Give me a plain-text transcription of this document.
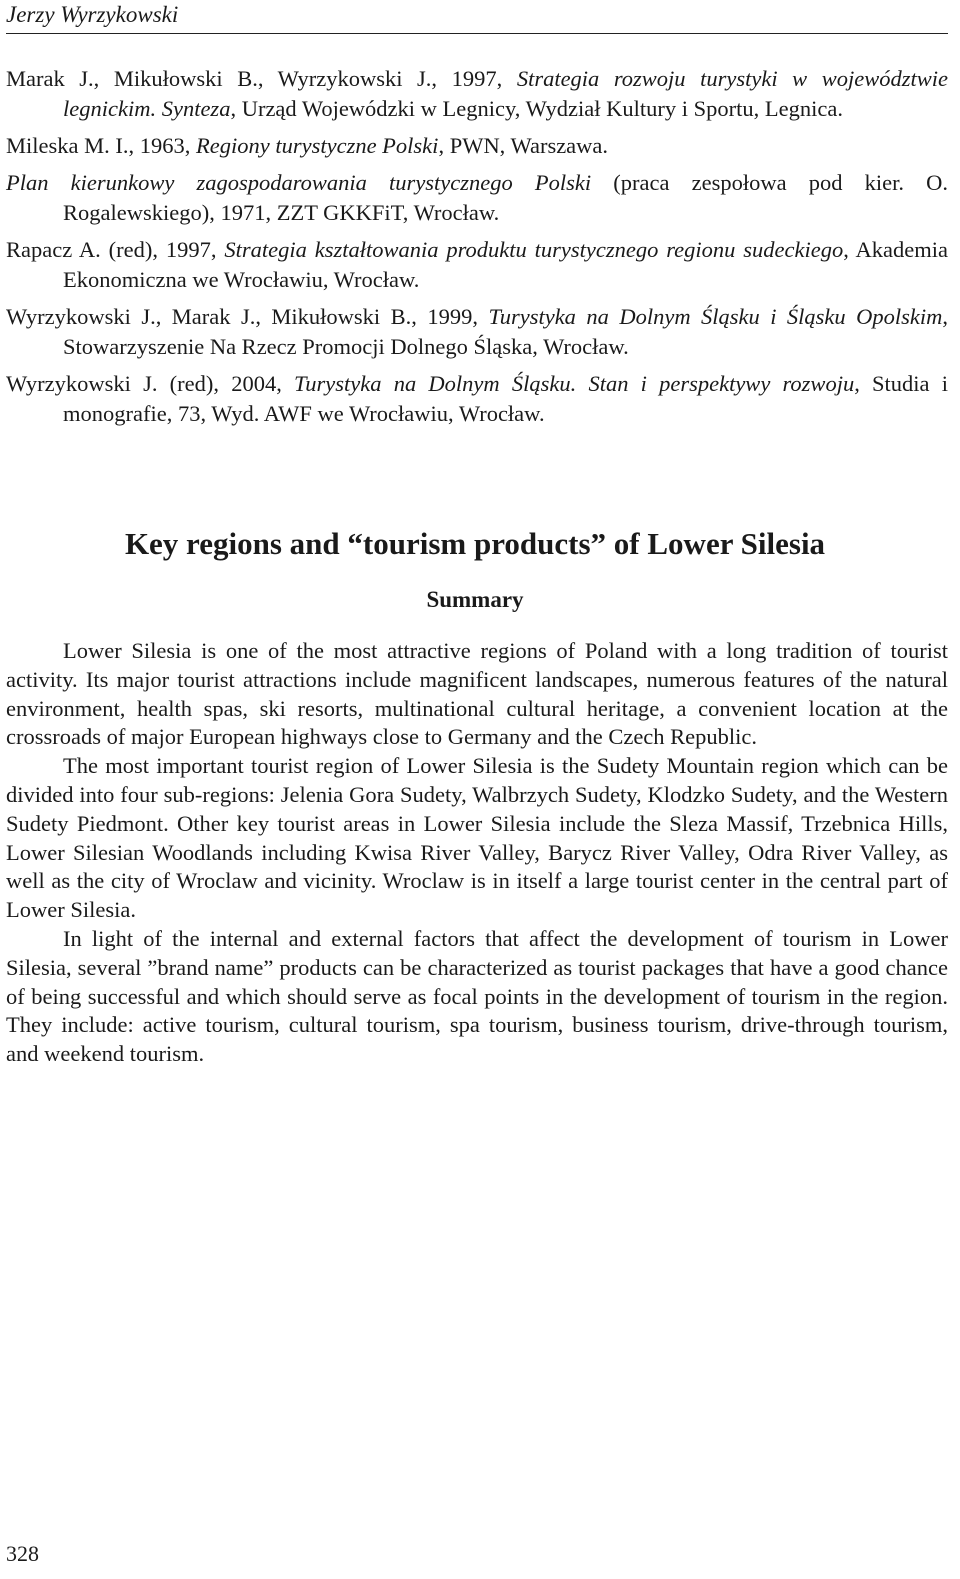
Jerzy Wyrzykowski

Marak J., Mikułowski B., Wyrzykowski J., 1997, Strategia rozwoju turystyki w województwie legnickim. Synteza, Urząd Wojewódzki w Legnicy, Wydział Kultury i Sportu, Legnica.

Mileska M. I., 1963, Regiony turystyczne Polski, PWN, Warszawa.

Plan kierunkowy zagospodarowania turystycznego Polski (praca zespołowa pod kier. O. Rogalewskiego), 1971, ZZT GKKFiT, Wrocław.

Rapacz A. (red), 1997, Strategia kształtowania produktu turystycznego regionu sudeckiego, Akademia Ekonomiczna we Wrocławiu, Wrocław.

Wyrzykowski J., Marak J., Mikułowski B., 1999, Turystyka na Dolnym Śląsku i Śląsku Opolskim, Stowarzyszenie Na Rzecz Promocji Dolnego Śląska, Wrocław.

Wyrzykowski J. (red), 2004, Turystyka na Dolnym Śląsku. Stan i perspektywy rozwoju, Studia i monografie, 73, Wyd. AWF we Wrocławiu, Wrocław.

Key regions and “tourism products” of Lower Silesia
Summary

Lower Silesia is one of the most attractive regions of Poland with a long tradition of tourist activity. Its major tourist attractions include magnificent landscapes, numerous features of the natural environment, health spas, ski resorts, multinational cultural heritage, a convenient location at the crossroads of major European highways close to Germany and the Czech Republic.

The most important tourist region of Lower Silesia is the Sudety Mountain region which can be divided into four sub-regions: Jelenia Gora Sudety, Walbrzych Sudety, Klodzko Sudety, and the Western Sudety Piedmont. Other key tourist areas in Lower Silesia include the Sleza Massif, Trzebnica Hills, Lower Silesian Woodlands including Kwisa River Valley, Barycz River Valley, Odra River Valley, as well as the city of Wroclaw and vicinity. Wroclaw is in itself a large tourist center in the central part of Lower Silesia.

In light of the internal and external factors that affect the development of tourism in Lower Silesia, several ”brand name” products can be characterized as tourist packages that have a good chance of being successful and which should serve as focal points in the development of tourism in the region. They include: active tourism, cultural tourism, spa tourism, business tourism, drive-through tourism, and weekend tourism.

328
